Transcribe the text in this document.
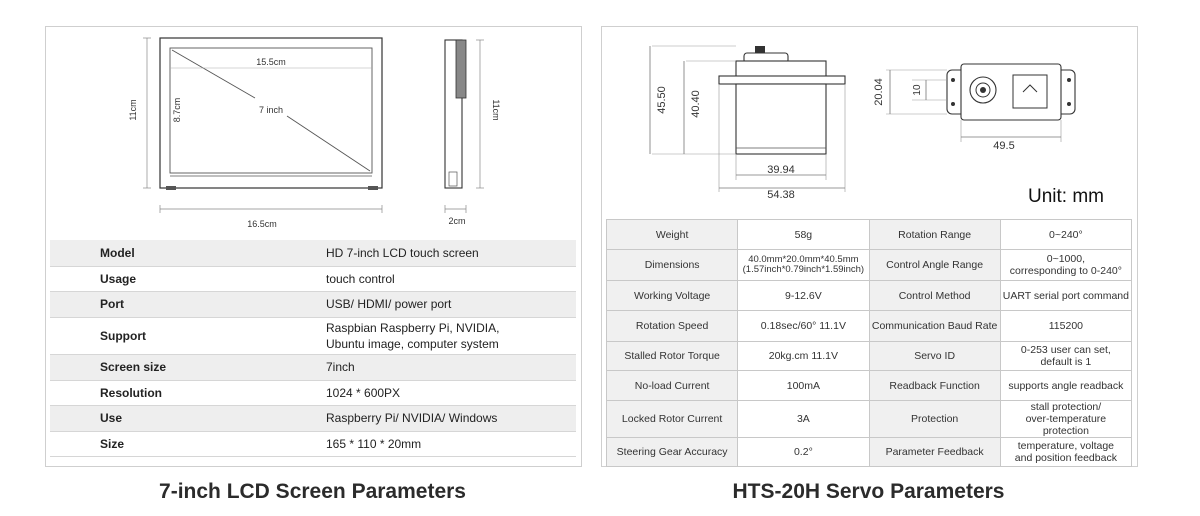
7 inch
15.5cm
8.7cm
11cm
16.5cm
11cm
2cm
Model	HD 7-inch LCD touch screen
Usage	touch control
Port	USB/ HDMI/ power port
Support	Raspbian Raspberry Pi, NVIDIA, Ubuntu image, computer system
Screen size	7inch
Resolution	1024 * 600PX
Use	Raspberry Pi/ NVIDIA/ Windows
Size	165 * 110 * 20mm
45.50 40.40
39.94
54.38
20.04	10
49.5
Unit: mm
Weight	58g	Rotation Range	0~240°
Dimensions	40.0mm*20.0mm*40.5mm
(1.57inch*0.79inch*1.59inch)	Control Angle Range	0~1000,
corresponding to 0-240°
Working Voltage	9-12.6V	Control Method	UART serial port command
Rotation Speed	0.18sec/60° 11.1V	Communication Baud Rate	115200
Stalled Rotor Torque	20kg.cm 11.1V	Servo ID	0-253 user can set,
default is 1
No-load Current	100mA	Readback Function	supports angle readback
Locked Rotor Current	3A	Protection	stall protection/
over-temperature protection
Steering Gear Accuracy	0.2°	Parameter Feedback	temperature, voltage
and position feedback
7-inch LCD Screen Parameters	HTS-20H Servo Parameters
